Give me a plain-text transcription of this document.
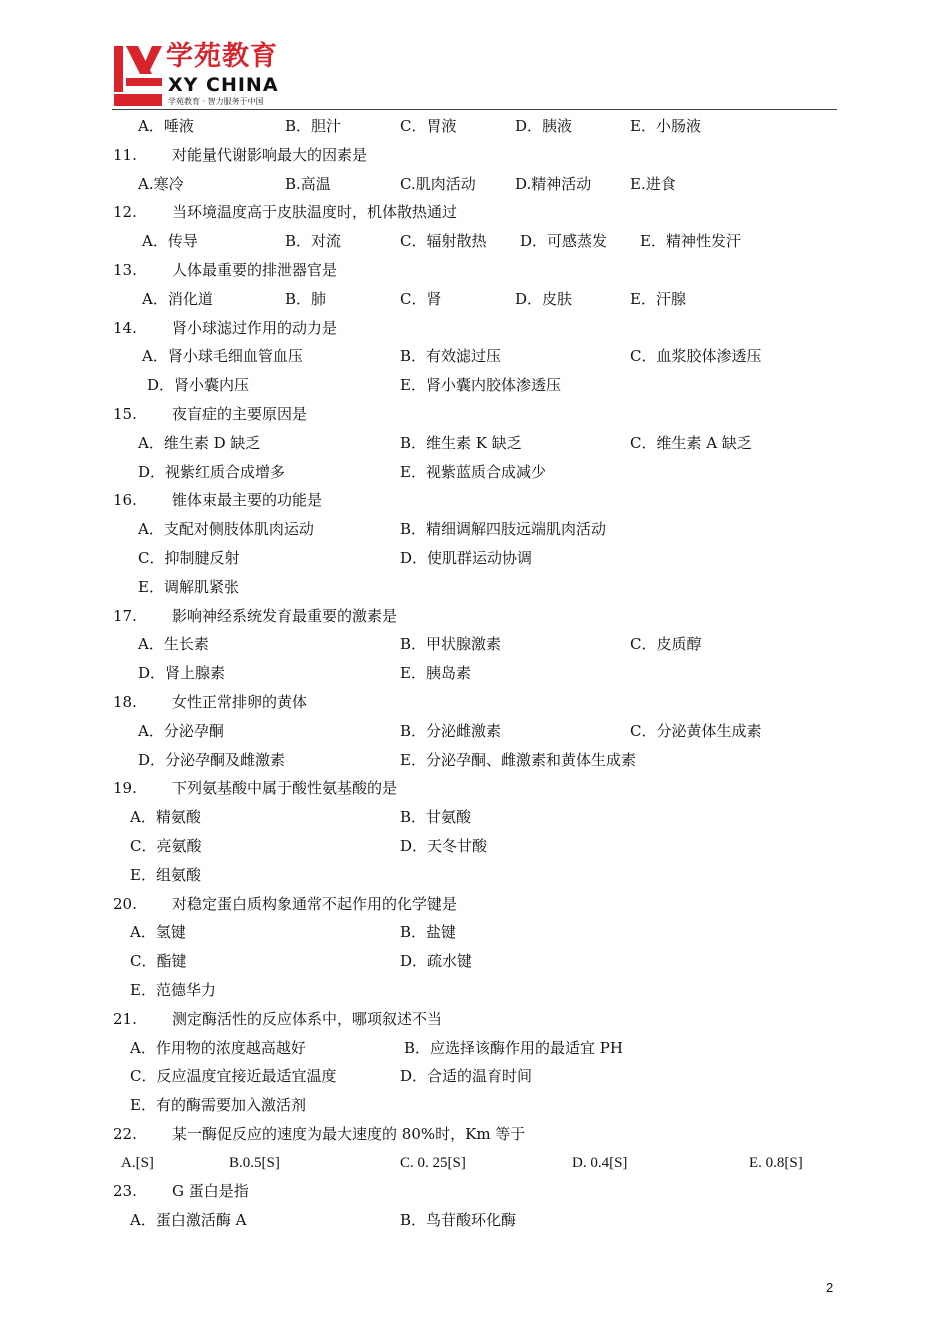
学苑教育
XY CHINA
学苑教育 · 智力服务于中国
A．唾液	B．胆汁	C．胃液	D．胰液	E．小肠液
11. 对能量代谢影响最大的因素是
A.寒冷	B.高温	C.肌肉活动	D.精神活动	E.进食
12. 当环境温度高于皮肤温度时，机体散热通过
A．传导	B．对流	C．辐射散热 D．可感蒸发 E．精神性发汗
13. 人体最重要的排泄器官是
A．消化道	B．肺	C．肾	D．皮肤	E．汗腺
14. 肾小球滤过作用的动力是
A．肾小球毛细血管血压	B．有效滤过压	C．血浆胶体渗透压
D．肾小囊内压	E．肾小囊内胶体渗透压
15. 夜盲症的主要原因是
A．维生素 D 缺乏	B．维生素 K 缺乏	C．维生素 A 缺乏
D．视紫红质合成增多	E．视紫蓝质合成减少
16. 锥体束最主要的功能是
A．支配对侧肢体肌肉运动	B．精细调解四肢远端肌肉活动
C．抑制腱反射	D．使肌群运动协调
E．调解肌紧张
17. 影响神经系统发育最重要的激素是
A．生长素	B．甲状腺激素	C．皮质醇
D．肾上腺素	E．胰岛素
18. 女性正常排卵的黄体
A．分泌孕酮	B．分泌雌激素	C．分泌黄体生成素
D．分泌孕酮及雌激素	E．分泌孕酮、雌激素和黄体生成素
19. 下列氨基酸中属于酸性氨基酸的是
A．精氨酸	B．甘氨酸
C．亮氨酸	D．天冬甘酸
E．组氨酸
20. 对稳定蛋白质构象通常不起作用的化学键是
A．氢键	B．盐键
C．酯键	D．疏水键
E．范德华力
21. 测定酶活性的反应体系中，哪项叙述不当
A．作用物的浓度越高越好	B．应选择该酶作用的最适宜 PH
C．反应温度宜接近最适宜温度	D．合适的温育时间
E．有的酶需要加入激活剂
22. 某一酶促反应的速度为最大速度的 80%时，Km 等于
A.[S]	B.0.5[S]	C. 0. 25[S]	D. 0.4[S]	E. 0.8[S]
23. G 蛋白是指
A．蛋白激活酶 A	B．鸟苷酸环化酶
2
